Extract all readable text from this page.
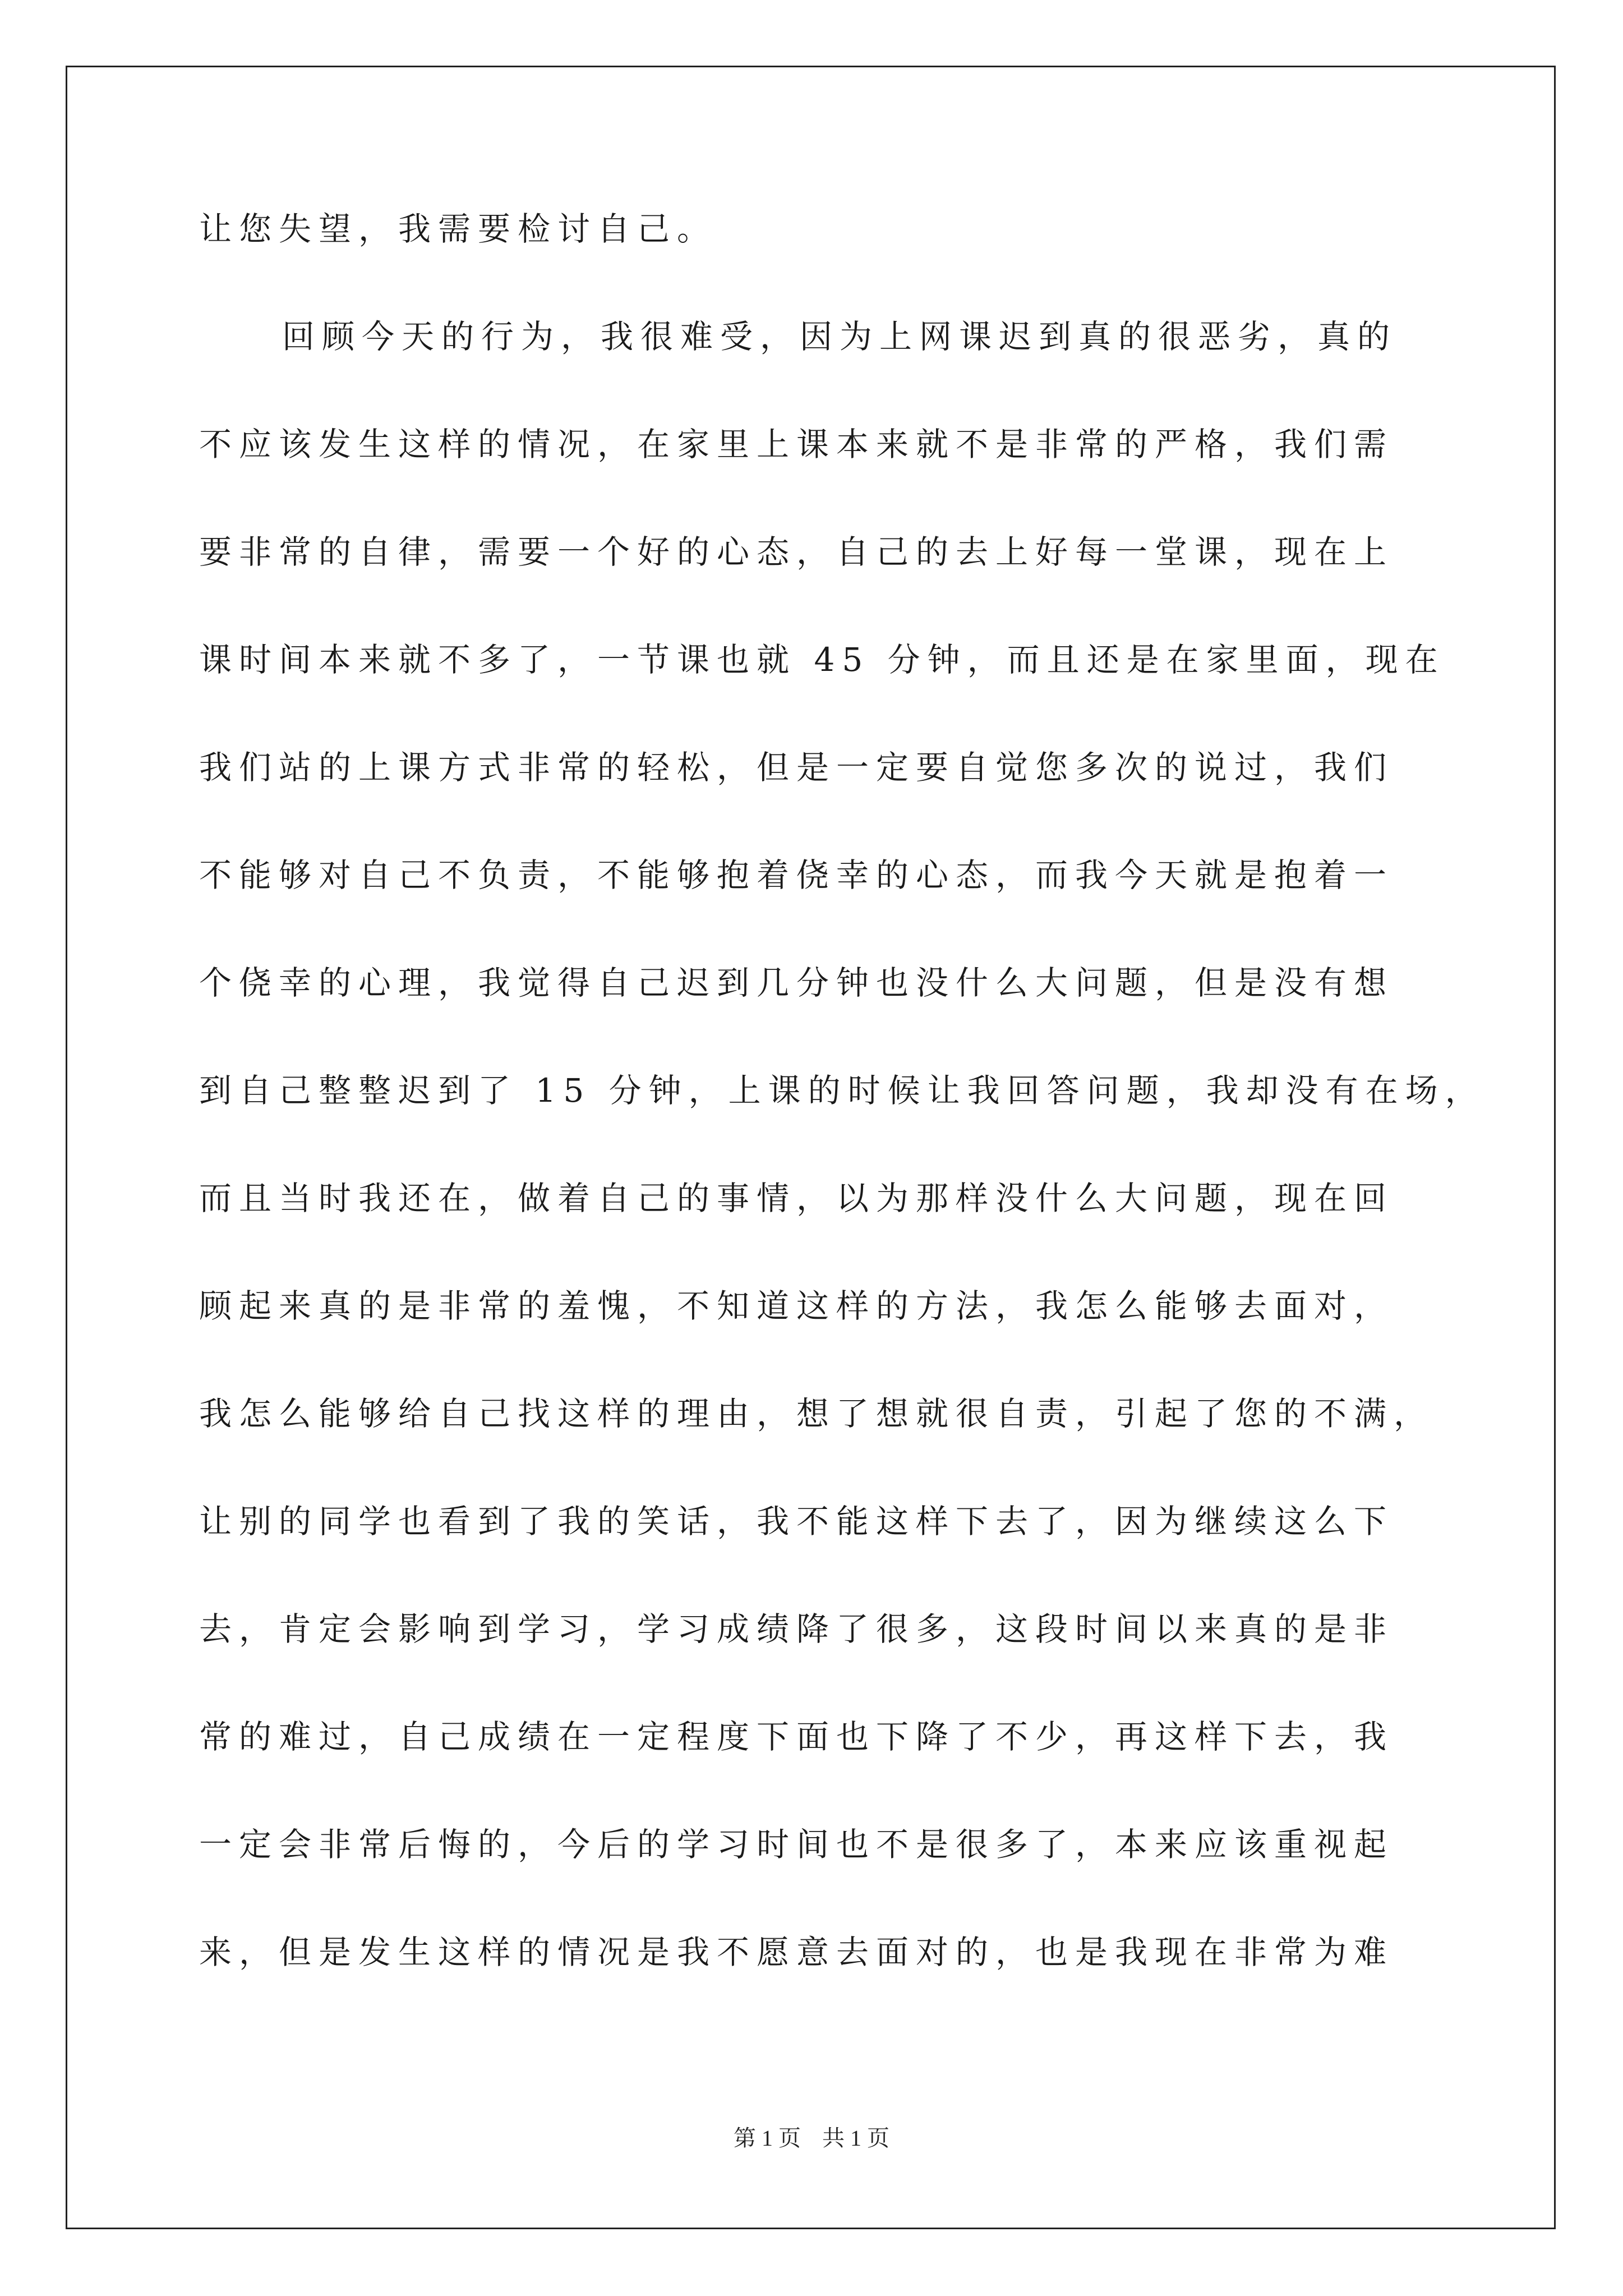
让您失望，我需要检讨自己。
回顾今天的行为，我很难受，因为上网课迟到真的很恶劣，真的
不应该发生这样的情况，在家里上课本来就不是非常的严格，我们需
要非常的自律，需要一个好的心态，自己的去上好每一堂课，现在上
课时间本来就不多了，一节课也就 45 分钟，而且还是在家里面，现在
我们站的上课方式非常的轻松，但是一定要自觉您多次的说过，我们
不能够对自己不负责，不能够抱着侥幸的心态，而我今天就是抱着一
个侥幸的心理，我觉得自己迟到几分钟也没什么大问题，但是没有想
到自己整整迟到了 15 分钟，上课的时候让我回答问题，我却没有在场，
而且当时我还在，做着自己的事情，以为那样没什么大问题，现在回
顾起来真的是非常的羞愧，不知道这样的方法，我怎么能够去面对，
我怎么能够给自己找这样的理由，想了想就很自责，引起了您的不满，
让别的同学也看到了我的笑话，我不能这样下去了，因为继续这么下
去，肯定会影响到学习，学习成绩降了很多，这段时间以来真的是非
常的难过，自己成绩在一定程度下面也下降了不少，再这样下去，我
一定会非常后悔的，今后的学习时间也不是很多了，本来应该重视起
来，但是发生这样的情况是我不愿意去面对的，也是我现在非常为难
第 1 页 共 1 页
